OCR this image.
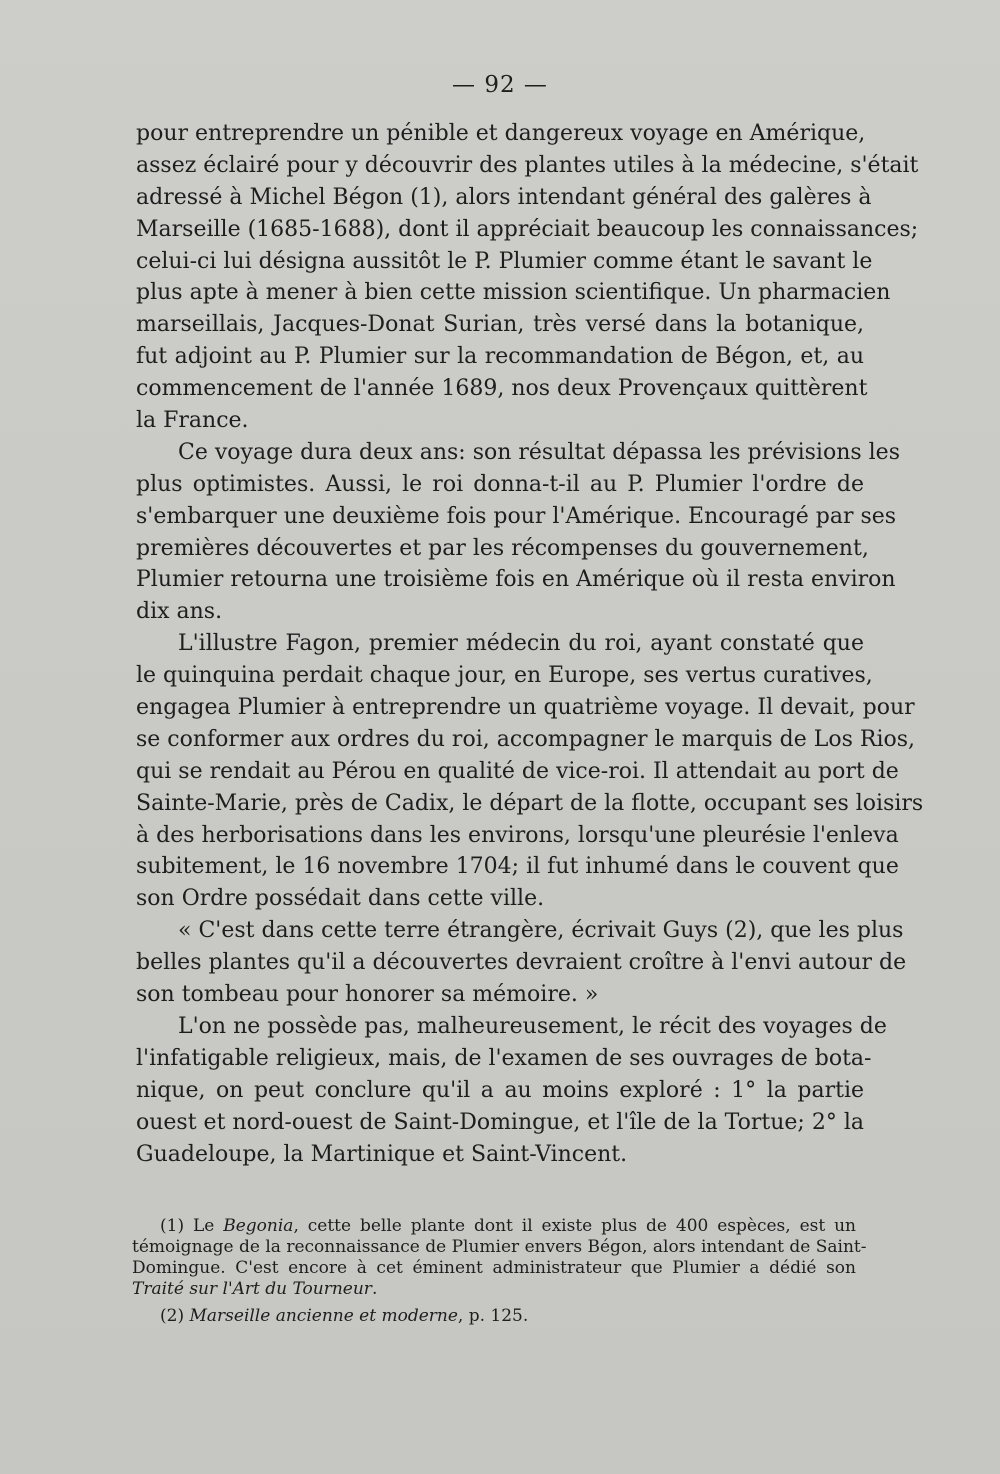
— 92 —
pour entreprendre un pénible et dangereux voyage en Amérique,
assez éclairé pour y découvrir des plantes utiles à la médecine, s'était
adressé à Michel Bégon (1), alors intendant général des galères à
Marseille (1685-1688), dont il appréciait beaucoup les connaissances;
celui-ci lui désigna aussitôt le P. Plumier comme étant le savant le
plus apte à mener à bien cette mission scientifique. Un pharmacien
marseillais, Jacques-Donat Surian, très versé dans la botanique,
fut adjoint au P. Plumier sur la recommandation de Bégon, et, au
commencement de l'année 1689, nos deux Provençaux quittèrent
la France.
Ce voyage dura deux ans: son résultat dépassa les prévisions les
plus optimistes. Aussi, le roi donna-t-il au P. Plumier l'ordre de
s'embarquer une deuxième fois pour l'Amérique. Encouragé par ses
premières découvertes et par les récompenses du gouvernement,
Plumier retourna une troisième fois en Amérique où il resta environ
dix ans.
L'illustre Fagon, premier médecin du roi, ayant constaté que
le quinquina perdait chaque jour, en Europe, ses vertus curatives,
engagea Plumier à entreprendre un quatrième voyage. Il devait, pour
se conformer aux ordres du roi, accompagner le marquis de Los Rios,
qui se rendait au Pérou en qualité de vice-roi. Il attendait au port de
Sainte-Marie, près de Cadix, le départ de la flotte, occupant ses loisirs
à des herborisations dans les environs, lorsqu'une pleurésie l'enleva
subitement, le 16 novembre 1704; il fut inhumé dans le couvent que
son Ordre possédait dans cette ville.
« C'est dans cette terre étrangère, écrivait Guys (2), que les plus
belles plantes qu'il a découvertes devraient croître à l'envi autour de
son tombeau pour honorer sa mémoire. »
L'on ne possède pas, malheureusement, le récit des voyages de
l'infatigable religieux, mais, de l'examen de ses ouvrages de bota-
nique, on peut conclure qu'il a au moins exploré : 1° la partie
ouest et nord-ouest de Saint-Domingue, et l'île de la Tortue; 2° la
Guadeloupe, la Martinique et Saint-Vincent.
(1) Le Begonia, cette belle plante dont il existe plus de 400 espèces, est un
témoignage de la reconnaissance de Plumier envers Bégon, alors intendant de Saint-
Domingue. C'est encore à cet éminent administrateur que Plumier a dédié son
Traité sur l'Art du Tourneur.
(2) Marseille ancienne et moderne, p. 125.
